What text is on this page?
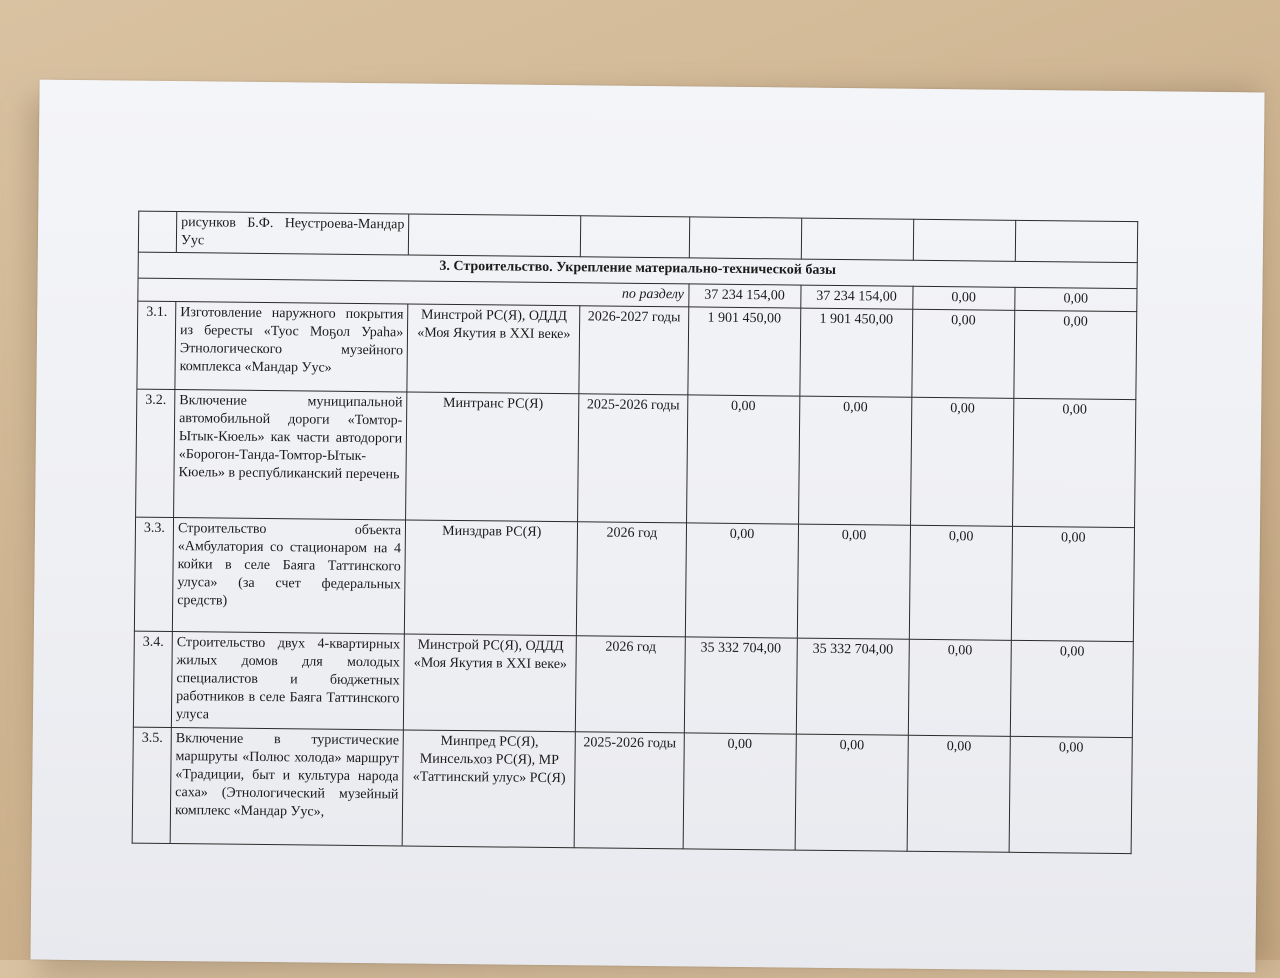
	рисунков Б.Ф. Неустроева-Мандар Уус						
3. Строительство. Укрепление материально-технической базы							
по разделу				37 234 154,00	37 234 154,00	0,00	0,00
3.1.	Изготовление наружного покрытия из бересты «Туос Моҕол Ураһа» Этнологического музейного комплекса «Мандар Уус»	Минстрой РС(Я), ОДДД «Моя Якутия в XXI веке»	2026-2027 годы	1 901 450,00	1 901 450,00	0,00	0,00
3.2.	Включение муниципальной автомобильной дороги «Томтор-Ытык-Кюель» как части автодороги «Борогон-Танда-Томтор-Ытык-Кюель» в республиканский перечень	Минтранс РС(Я)	2025-2026 годы	0,00	0,00	0,00	0,00
3.3.	Строительство объекта «Амбулатория со стационаром на 4 койки в селе Баяга Таттинского улуса» (за счет федеральных средств)	Минздрав РС(Я)	2026 год	0,00	0,00	0,00	0,00
3.4.	Строительство двух 4-квартирных жилых домов для молодых специалистов и бюджетных работников в селе Баяга Таттинского улуса	Минстрой РС(Я), ОДДД «Моя Якутия в XXI веке»	2026 год	35 332 704,00	35 332 704,00	0,00	0,00
3.5.	Включение в туристические маршруты «Полюс холода» маршрут «Традиции, быт и культура народа саха» (Этнологический музейный комплекс «Мандар Уус»,	Минпред РС(Я), Минсельхоз РС(Я), МР «Таттинский улус» РС(Я)	2025-2026 годы	0,00	0,00	0,00	0,00
